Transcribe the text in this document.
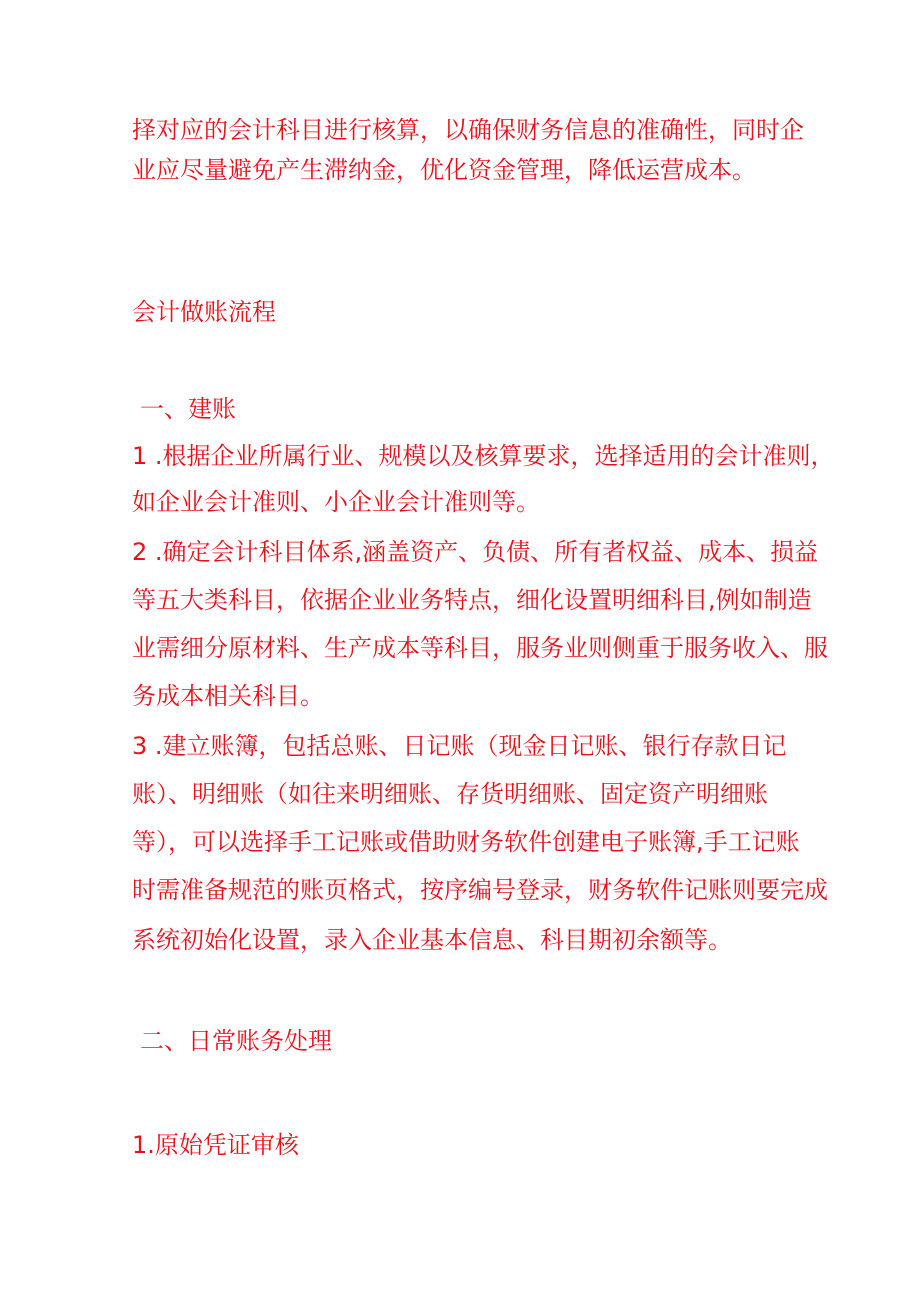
择对应的会计科目进行核算，以确保财务信息的准确性，同时企
业应尽量避免产生滞纳金，优化资金管理，降低运营成本。
会计做账流程
一、建账
1 .根据企业所属行业、规模以及核算要求，选择适用的会计准则，
如企业会计准则、小企业会计准则等。
2 .确定会计科目体系,涵盖资产、负债、所有者权益、成本、损益
等五大类科目，依据企业业务特点，细化设置明细科目,例如制造
业需细分原材料、生产成本等科目，服务业则侧重于服务收入、服
务成本相关科目。
3 .建立账簿，包括总账、日记账（现金日记账、银行存款日记
账）、明细账（如往来明细账、存货明细账、固定资产明细账
等），可以选择手工记账或借助财务软件创建电子账簿,手工记账
时需准备规范的账页格式，按序编号登录，财务软件记账则要完成
系统初始化设置，录入企业基本信息、科目期初余额等。
二、日常账务处理
1.原始凭证审核
